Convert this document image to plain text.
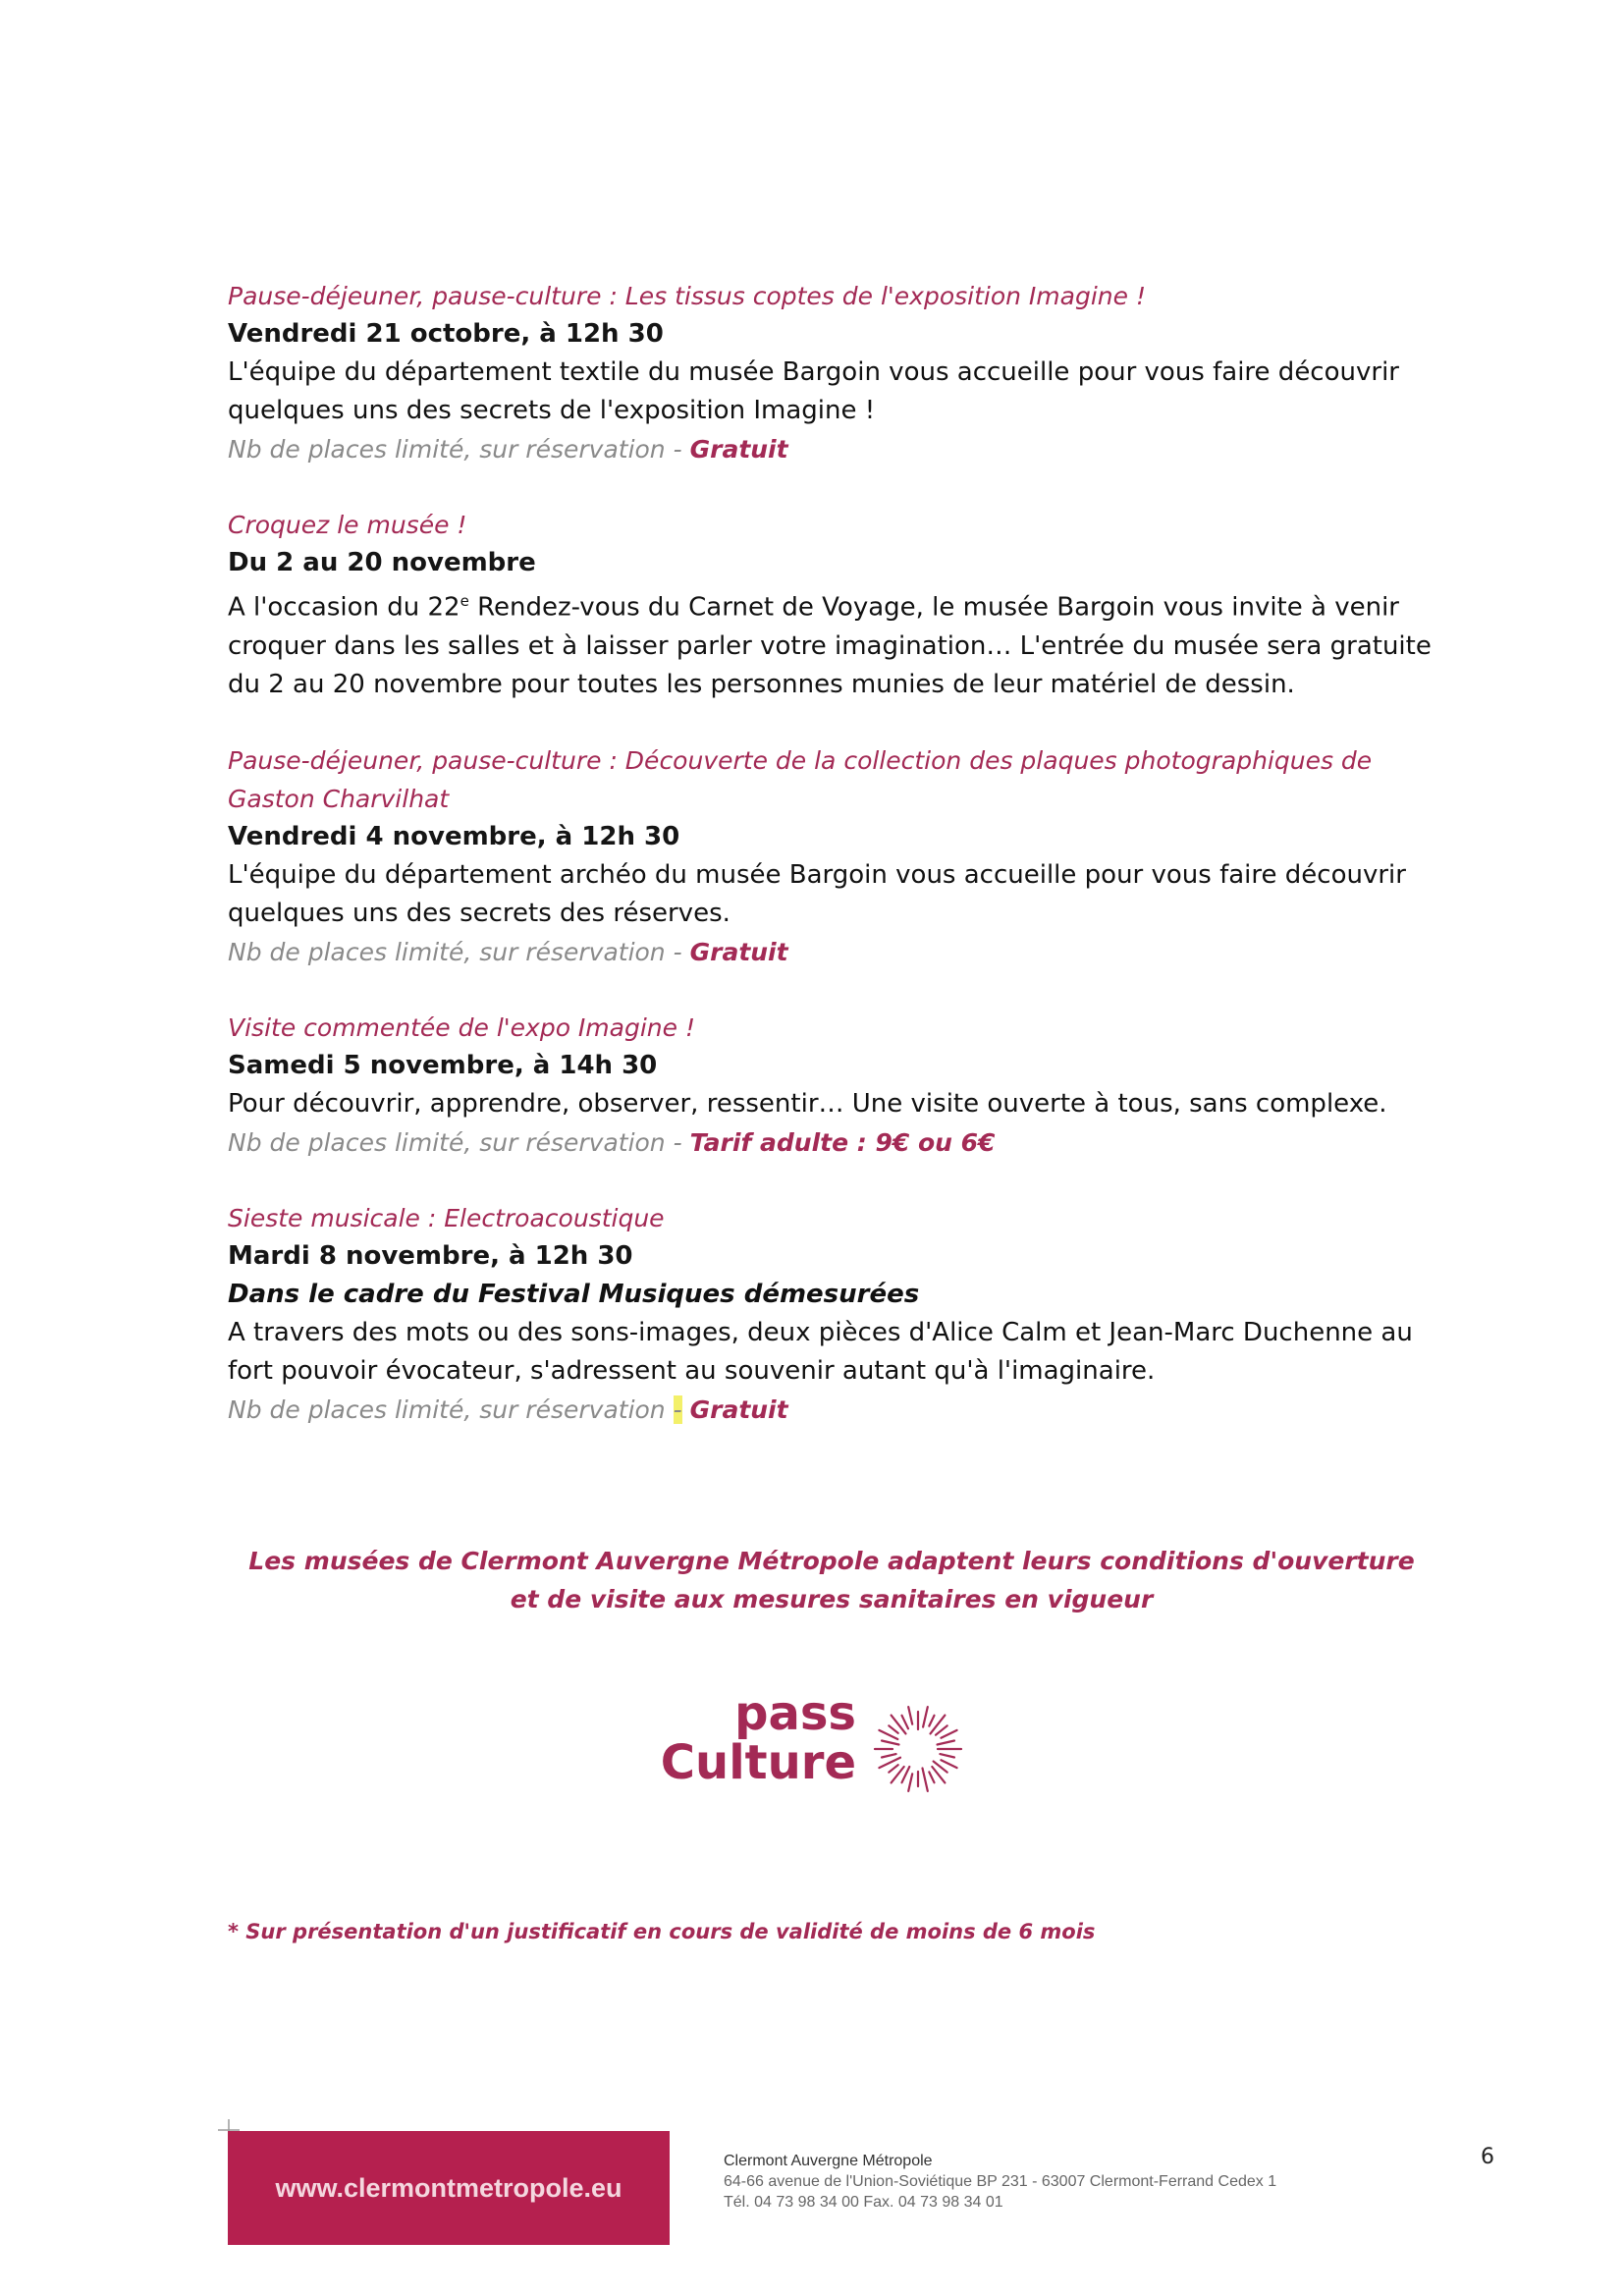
Pause-déjeuner, pause-culture : Les tissus coptes de l'exposition Imagine !
Vendredi 21 octobre, à 12h 30
L'équipe du département textile du musée Bargoin vous accueille pour vous faire découvrir
quelques uns des secrets de l'exposition Imagine !
Nb de places limité, sur réservation - Gratuit
Croquez le musée !
Du 2 au 20 novembre
A l'occasion du 22e Rendez-vous du Carnet de Voyage, le musée Bargoin vous invite à venir
croquer dans les salles et à laisser parler votre imagination… L'entrée du musée sera gratuite
du 2 au 20 novembre pour toutes les personnes munies de leur matériel de dessin.
Pause-déjeuner, pause-culture : Découverte de la collection des plaques photographiques de Gaston Charvilhat
Vendredi 4 novembre, à 12h 30
L'équipe du département archéo du musée Bargoin vous accueille pour vous faire découvrir
quelques uns des secrets des réserves.
Nb de places limité, sur réservation - Gratuit
Visite commentée de l'expo Imagine !
Samedi 5 novembre, à 14h 30
Pour découvrir, apprendre, observer, ressentir… Une visite ouverte à tous, sans complexe.
Nb de places limité, sur réservation - Tarif adulte : 9€ ou 6€
Sieste musicale : Electroacoustique
Mardi 8 novembre, à 12h 30
Dans le cadre du Festival Musiques démesurées
A travers des mots ou des sons-images, deux pièces d'Alice Calm et Jean-Marc Duchenne au
fort pouvoir évocateur, s'adressent au souvenir autant qu'à l'imaginaire.
Nb de places limité, sur réservation - Gratuit
Les musées de Clermont Auvergne Métropole adaptent leurs conditions d'ouverture
et de visite aux mesures sanitaires en vigueur
pass
Culture
* Sur présentation d'un justificatif en cours de validité de moins de 6 mois
www.clermontmetropole.eu
Clermont Auvergne Métropole
64-66 avenue de l'Union-Soviétique BP 231 - 63007 Clermont-Ferrand Cedex 1
Tél. 04 73 98 34 00 Fax. 04 73 98 34 01
6
